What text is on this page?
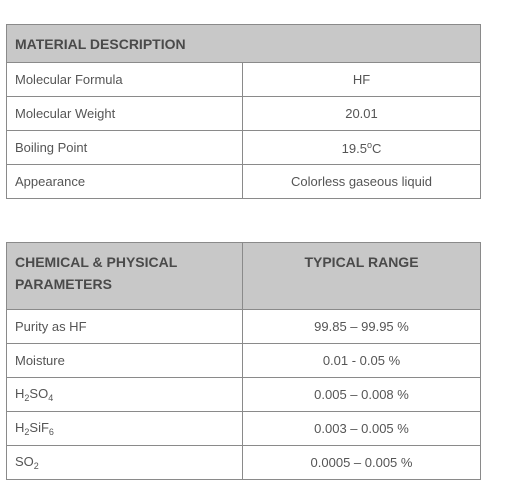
MATERIAL DESCRIPTION	
Molecular Formula	HF
Molecular Weight	20.01
Boiling Point	19.5$^o$C
Appearance	Colorless gaseous liquid
CHEMICAL & PHYSICAL PARAMETERS	TYPICAL RANGE
Purity as HF	99.85 – 99.95 %
Moisture	0.01 - 0.05 %
$H_2SO_4$	0.005 – 0.008 %
$H_2SiF_6$	0.003 – 0.005 %
$SO_2$	0.0005 – 0.005 %
